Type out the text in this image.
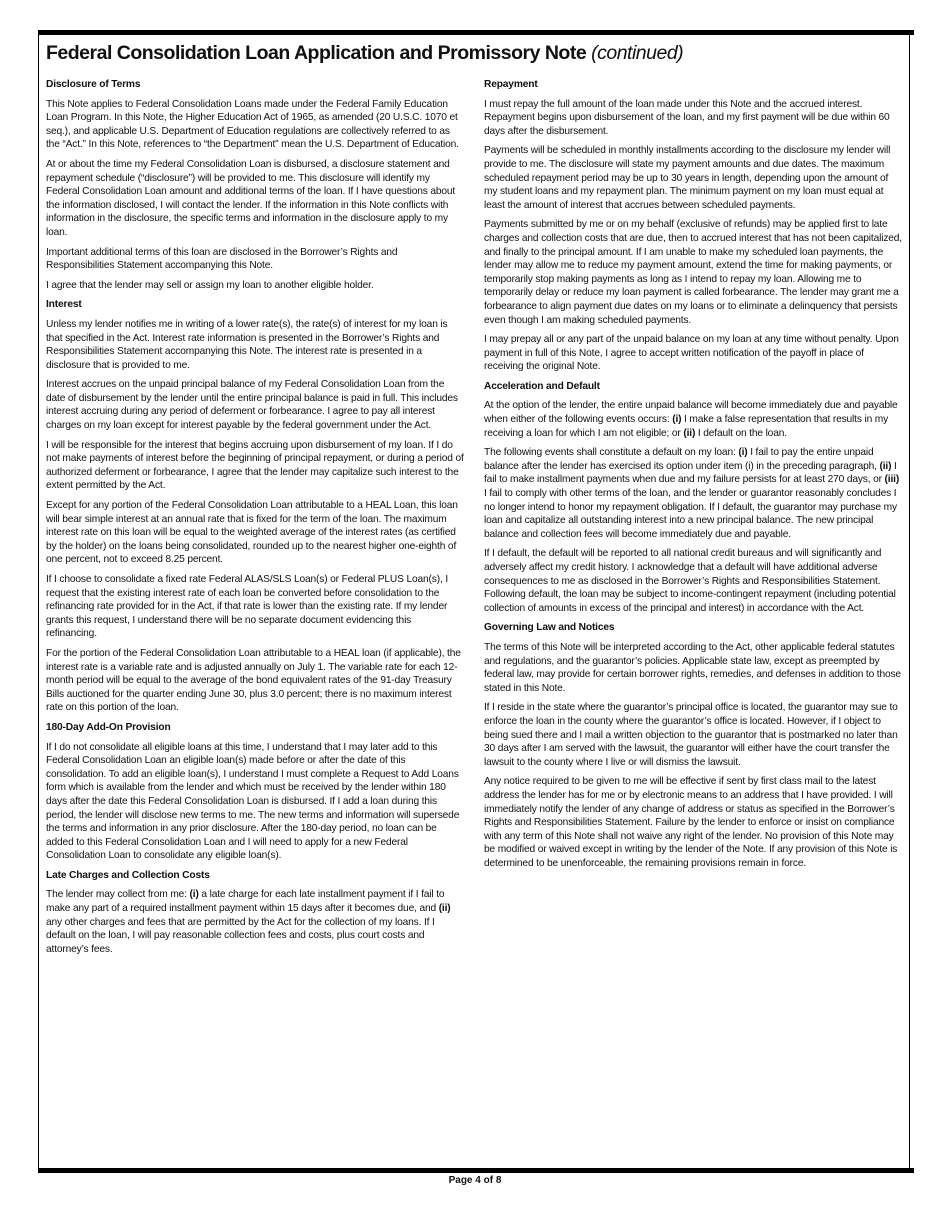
Federal Consolidation Loan Application and Promissory Note (continued)
Disclosure of Terms

This Note applies to Federal Consolidation Loans made under the Federal Family Education Loan Program. In this Note, the Higher Education Act of 1965, as amended (20 U.S.C. 1070 et seq.), and applicable U.S. Department of Education regulations are collectively referred to as the “Act.” In this Note, references to “the Department” mean the U.S. Department of Education.

At or about the time my Federal Consolidation Loan is disbursed, a disclosure statement and repayment schedule (“disclosure”) will be provided to me. This disclosure will identify my Federal Consolidation Loan amount and additional terms of the loan. If I have questions about the information disclosed, I will contact the lender. If the information in this Note conflicts with information in the disclosure, the specific terms and information in the disclosure apply to my loan.

Important additional terms of this loan are disclosed in the Borrower’s Rights and Responsibilities Statement accompanying this Note.

I agree that the lender may sell or assign my loan to another eligible holder.

Interest

Unless my lender notifies me in writing of a lower rate(s), the rate(s) of interest for my loan is that specified in the Act. Interest rate information is presented in the Borrower’s Rights and Responsibilities Statement accompanying this Note. The interest rate is presented in a disclosure that is provided to me.

Interest accrues on the unpaid principal balance of my Federal Consolidation Loan from the date of disbursement by the lender until the entire principal balance is paid in full. This includes interest accruing during any period of deferment or forbearance. I agree to pay all interest charges on my loan except for interest payable by the federal government under the Act.

I will be responsible for the interest that begins accruing upon disbursement of my loan. If I do not make payments of interest before the beginning of principal repayment, or during a period of authorized deferment or forbearance, I agree that the lender may capitalize such interest to the extent permitted by the Act.

Except for any portion of the Federal Consolidation Loan attributable to a HEAL Loan, this loan will bear simple interest at an annual rate that is fixed for the term of the loan. The maximum interest rate on this loan will be equal to the weighted average of the interest rates (as certified by the holder) on the loans being consolidated, rounded up to the nearest higher one-eighth of one percent, not to exceed 8.25 percent.

If I choose to consolidate a fixed rate Federal ALAS/SLS Loan(s) or Federal PLUS Loan(s), I request that the existing interest rate of each loan be converted before consolidation to the refinancing rate provided for in the Act, if that rate is lower than the existing rate. If my lender grants this request, I understand there will be no separate document evidencing this refinancing.

For the portion of the Federal Consolidation Loan attributable to a HEAL loan (if applicable), the interest rate is a variable rate and is adjusted annually on July 1. The variable rate for each 12-month period will be equal to the average of the bond equivalent rates of the 91-day Treasury Bills auctioned for the quarter ending June 30, plus 3.0 percent; there is no maximum interest rate on this portion of the loan.

180-Day Add-On Provision

If I do not consolidate all eligible loans at this time, I understand that I may later add to this Federal Consolidation Loan an eligible loan(s) made before or after the date of this consolidation. To add an eligible loan(s), I understand I must complete a Request to Add Loans form which is available from the lender and which must be received by the lender within 180 days after the date this Federal Consolidation Loan is disbursed. If I add a loan during this period, the lender will disclose new terms to me. The new terms and information will supersede the terms and information in any prior disclosure. After the 180-day period, no loan can be added to this Federal Consolidation Loan and I will need to apply for a new Federal Consolidation Loan to consolidate any eligible loan(s).

Late Charges and Collection Costs

The lender may collect from me: (i) a late charge for each late installment payment if I fail to make any part of a required installment payment within 15 days after it becomes due, and (ii) any other charges and fees that are permitted by the Act for the collection of my loans. If I default on the loan, I will pay reasonable collection fees and costs, plus court costs and attorney’s fees.

Repayment

I must repay the full amount of the loan made under this Note and the accrued interest. Repayment begins upon disbursement of the loan, and my first payment will be due within 60 days after the disbursement.

Payments will be scheduled in monthly installments according to the disclosure my lender will provide to me. The disclosure will state my payment amounts and due dates. The maximum scheduled repayment period may be up to 30 years in length, depending upon the amount of my student loans and my repayment plan. The minimum payment on my loan must equal at least the amount of interest that accrues between scheduled payments.

Payments submitted by me or on my behalf (exclusive of refunds) may be applied first to late charges and collection costs that are due, then to accrued interest that has not been capitalized, and finally to the principal amount. If I am unable to make my scheduled loan payments, the lender may allow me to reduce my payment amount, extend the time for making payments, or temporarily stop making payments as long as I intend to repay my loan. Allowing me to temporarily delay or reduce my loan payment is called forbearance. The lender may grant me a forbearance to align payment due dates on my loans or to eliminate a delinquency that persists even though I am making scheduled payments.

I may prepay all or any part of the unpaid balance on my loan at any time without penalty. Upon payment in full of this Note, I agree to accept written notification of the payoff in place of receiving the original Note.

Acceleration and Default

At the option of the lender, the entire unpaid balance will become immediately due and payable when either of the following events occurs: (i) I make a false representation that results in my receiving a loan for which I am not eligible; or (ii) I default on the loan.

The following events shall constitute a default on my loan: (i) I fail to pay the entire unpaid balance after the lender has exercised its option under item (i) in the preceding paragraph, (ii) I fail to make installment payments when due and my failure persists for at least 270 days, or (iii) I fail to comply with other terms of the loan, and the lender or guarantor reasonably concludes I no longer intend to honor my repayment obligation. If I default, the guarantor may purchase my loan and capitalize all outstanding interest into a new principal balance. The new principal balance and collection fees will become immediately due and payable.

If I default, the default will be reported to all national credit bureaus and will significantly and adversely affect my credit history. I acknowledge that a default will have additional adverse consequences to me as disclosed in the Borrower’s Rights and Responsibilities Statement. Following default, the loan may be subject to income-contingent repayment (including potential collection of amounts in excess of the principal and interest) in accordance with the Act.

Governing Law and Notices

The terms of this Note will be interpreted according to the Act, other applicable federal statutes and regulations, and the guarantor’s policies. Applicable state law, except as preempted by federal law, may provide for certain borrower rights, remedies, and defenses in addition to those stated in this Note.

If I reside in the state where the guarantor’s principal office is located, the guarantor may sue to enforce the loan in the county where the guarantor’s office is located. However, if I object to being sued there and I mail a written objection to the guarantor that is postmarked no later than 30 days after I am served with the lawsuit, the guarantor will either have the court transfer the lawsuit to the county where I live or will dismiss the lawsuit.

Any notice required to be given to me will be effective if sent by first class mail to the latest address the lender has for me or by electronic means to an address that I have provided. I will immediately notify the lender of any change of address or status as specified in the Borrower’s Rights and Responsibilities Statement. Failure by the lender to enforce or insist on compliance with any term of this Note shall not waive any right of the lender. No provision of this Note may be modified or waived except in writing by the lender of the Note. If any provision of this Note is determined to be unenforceable, the remaining provisions remain in force.

Page 4 of 8
